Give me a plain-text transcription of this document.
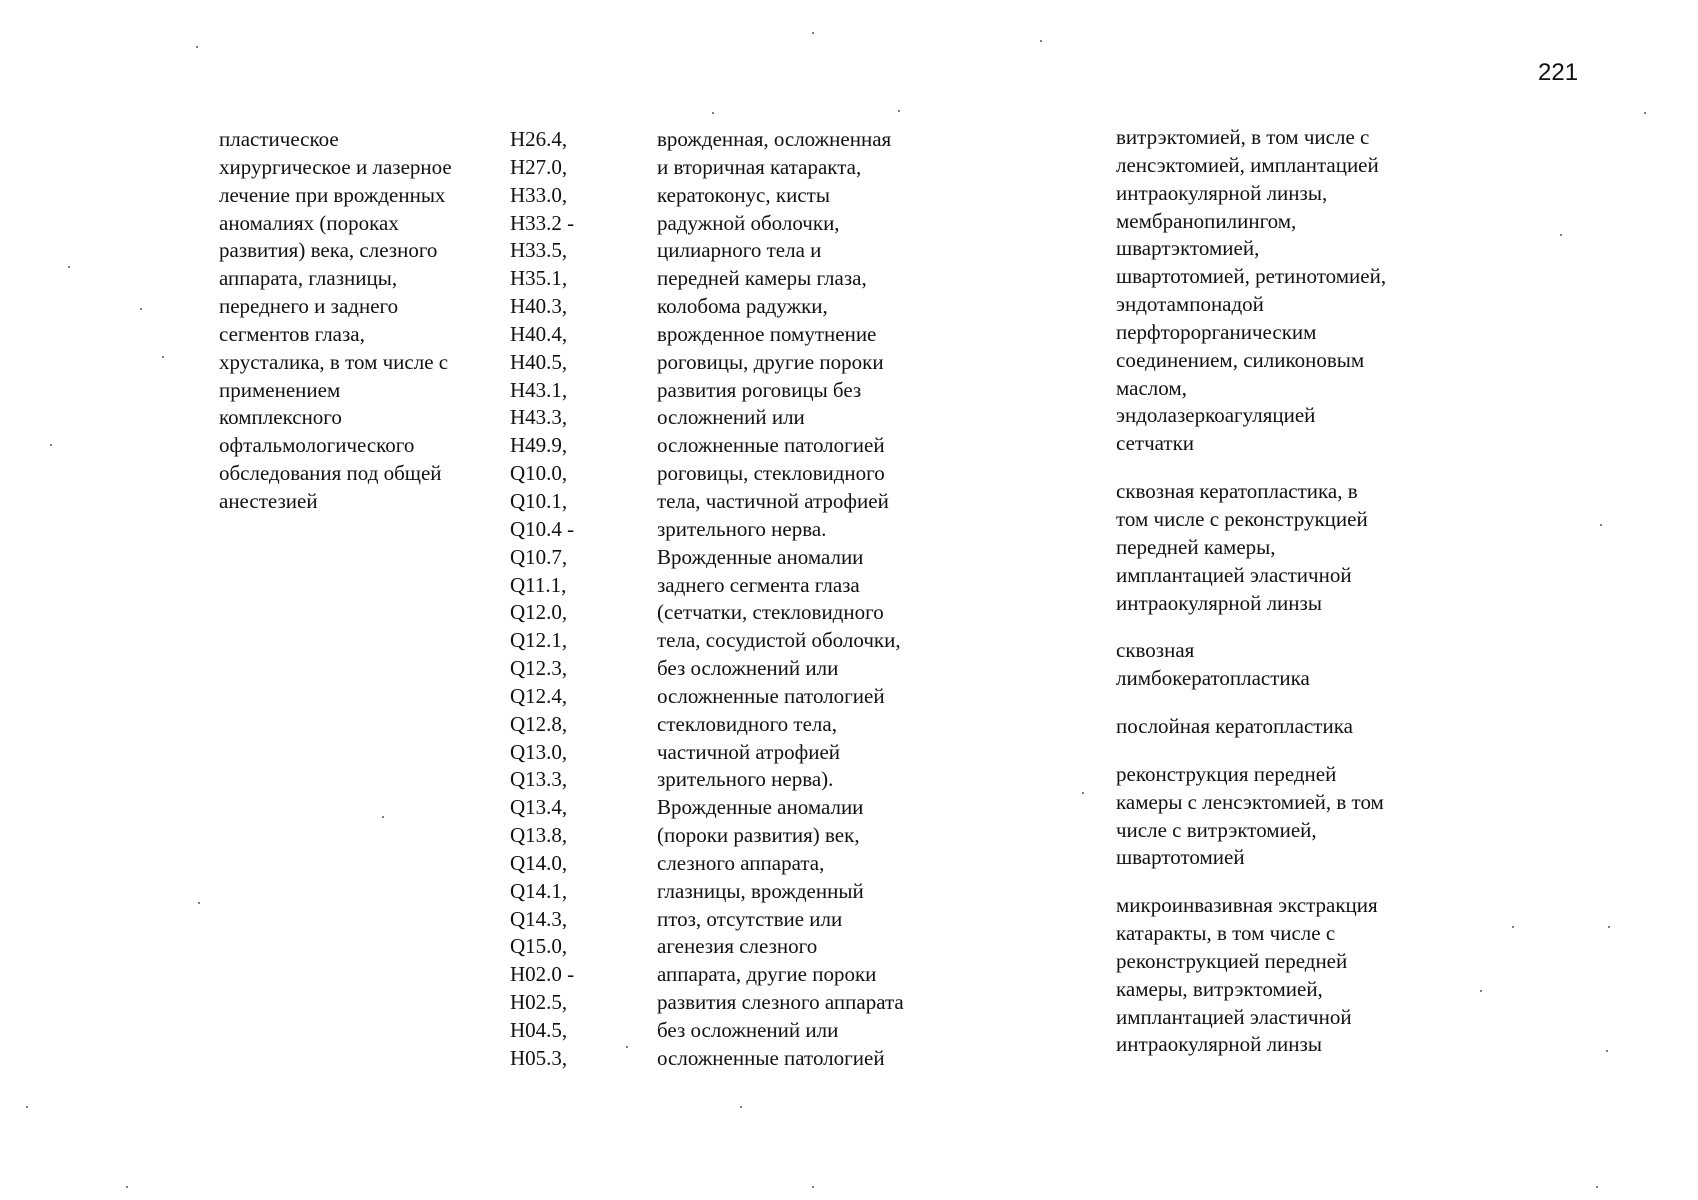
221
пластическое
хирургическое и лазерное
лечение при врожденных
аномалиях (пороках
развития) века, слезного
аппарата, глазницы,
переднего и заднего
сегментов глаза,
хрусталика, в том числе с
применением
комплексного
офтальмологического
обследования под общей
анестезией
H26.4,
H27.0,
H33.0,
H33.2 -
H33.5,
H35.1,
H40.3,
H40.4,
H40.5,
H43.1,
H43.3,
H49.9,
Q10.0,
Q10.1,
Q10.4 -
Q10.7,
Q11.1,
Q12.0,
Q12.1,
Q12.3,
Q12.4,
Q12.8,
Q13.0,
Q13.3,
Q13.4,
Q13.8,
Q14.0,
Q14.1,
Q14.3,
Q15.0,
H02.0 -
H02.5,
H04.5,
H05.3,
врожденная, осложненная
и вторичная катаракта,
кератоконус, кисты
радужной оболочки,
цилиарного тела и
передней камеры глаза,
колобома радужки,
врожденное помутнение
роговицы, другие пороки
развития роговицы без
осложнений или
осложненные патологией
роговицы, стекловидного
тела, частичной атрофией
зрительного нерва.
Врожденные аномалии
заднего сегмента глаза
(сетчатки, стекловидного
тела, сосудистой оболочки,
без осложнений или
осложненные патологией
стекловидного тела,
частичной атрофией
зрительного нерва).
Врожденные аномалии
(пороки развития) век,
слезного аппарата,
глазницы, врожденный
птоз, отсутствие или
агенезия слезного
аппарата, другие пороки
развития слезного аппарата
без осложнений или
осложненные патологией
витрэктомией, в том числе с
ленсэктомией, имплантацией
интраокулярной линзы,
мембранопилингом,
швартэктомией,
швартотомией, ретинотомией,
эндотампонадой
перфторорганическим
соединением, силиконовым
маслом,
эндолазеркоагуляцией
сетчатки
сквозная кератопластика, в
том числе с реконструкцией
передней камеры,
имплантацией эластичной
интраокулярной линзы
сквозная
лимбокератопластика
послойная кератопластика
реконструкция передней
камеры с ленсэктомией, в том
числе с витрэктомией,
швартотомией
микроинвазивная экстракция
катаракты, в том числе с
реконструкцией передней
камеры, витрэктомией,
имплантацией эластичной
интраокулярной линзы
